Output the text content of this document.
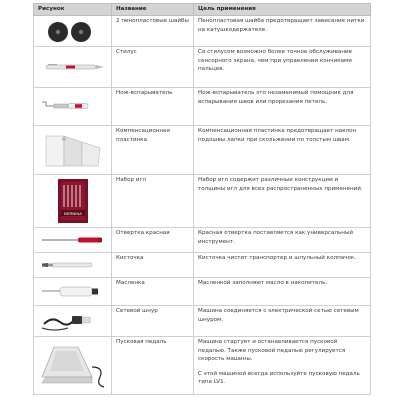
Рисунок	Название	Цель применения

	2 пенопластовые шайбы	Пенопластовая шайба предотвращает зависание нитки на катушкодержателе.

	Стилус	Со стилусом возможно более точное обслуживание сенсорного экрана, чем при управлении кончиками пальцев.

	Нож-вспарыватель	Нож-вспарыватель это незаменимый помощник для вспарывания швов или прорезания петель.

	Компенсационная пластинка	Компенсационная пластинка предотвращает наклон подошвы лапки при скольжении по толстым швам.

BERNINA	Набор игл	Набор игл содержит различные конструкции и толщины игл для всех распространенных применений.

	Отвертка красная	Красная отвертка поставляется как универсальный инструмент.

	Кисточка	Кисточка чистит транспортер и шпульный колпачок.

	Масленка	Масленкой заполняют масло в накопитель.

	Сетевой шнур	Машина соединяется с электрической сетью сетевым шнуром.

	Пусковая педаль	Машина стартует и останавливается пусковой педалью. Также пусковой педалью регулируется скорость машины.

С этой машиной всегда используйте пусковую педаль типа LV1.
